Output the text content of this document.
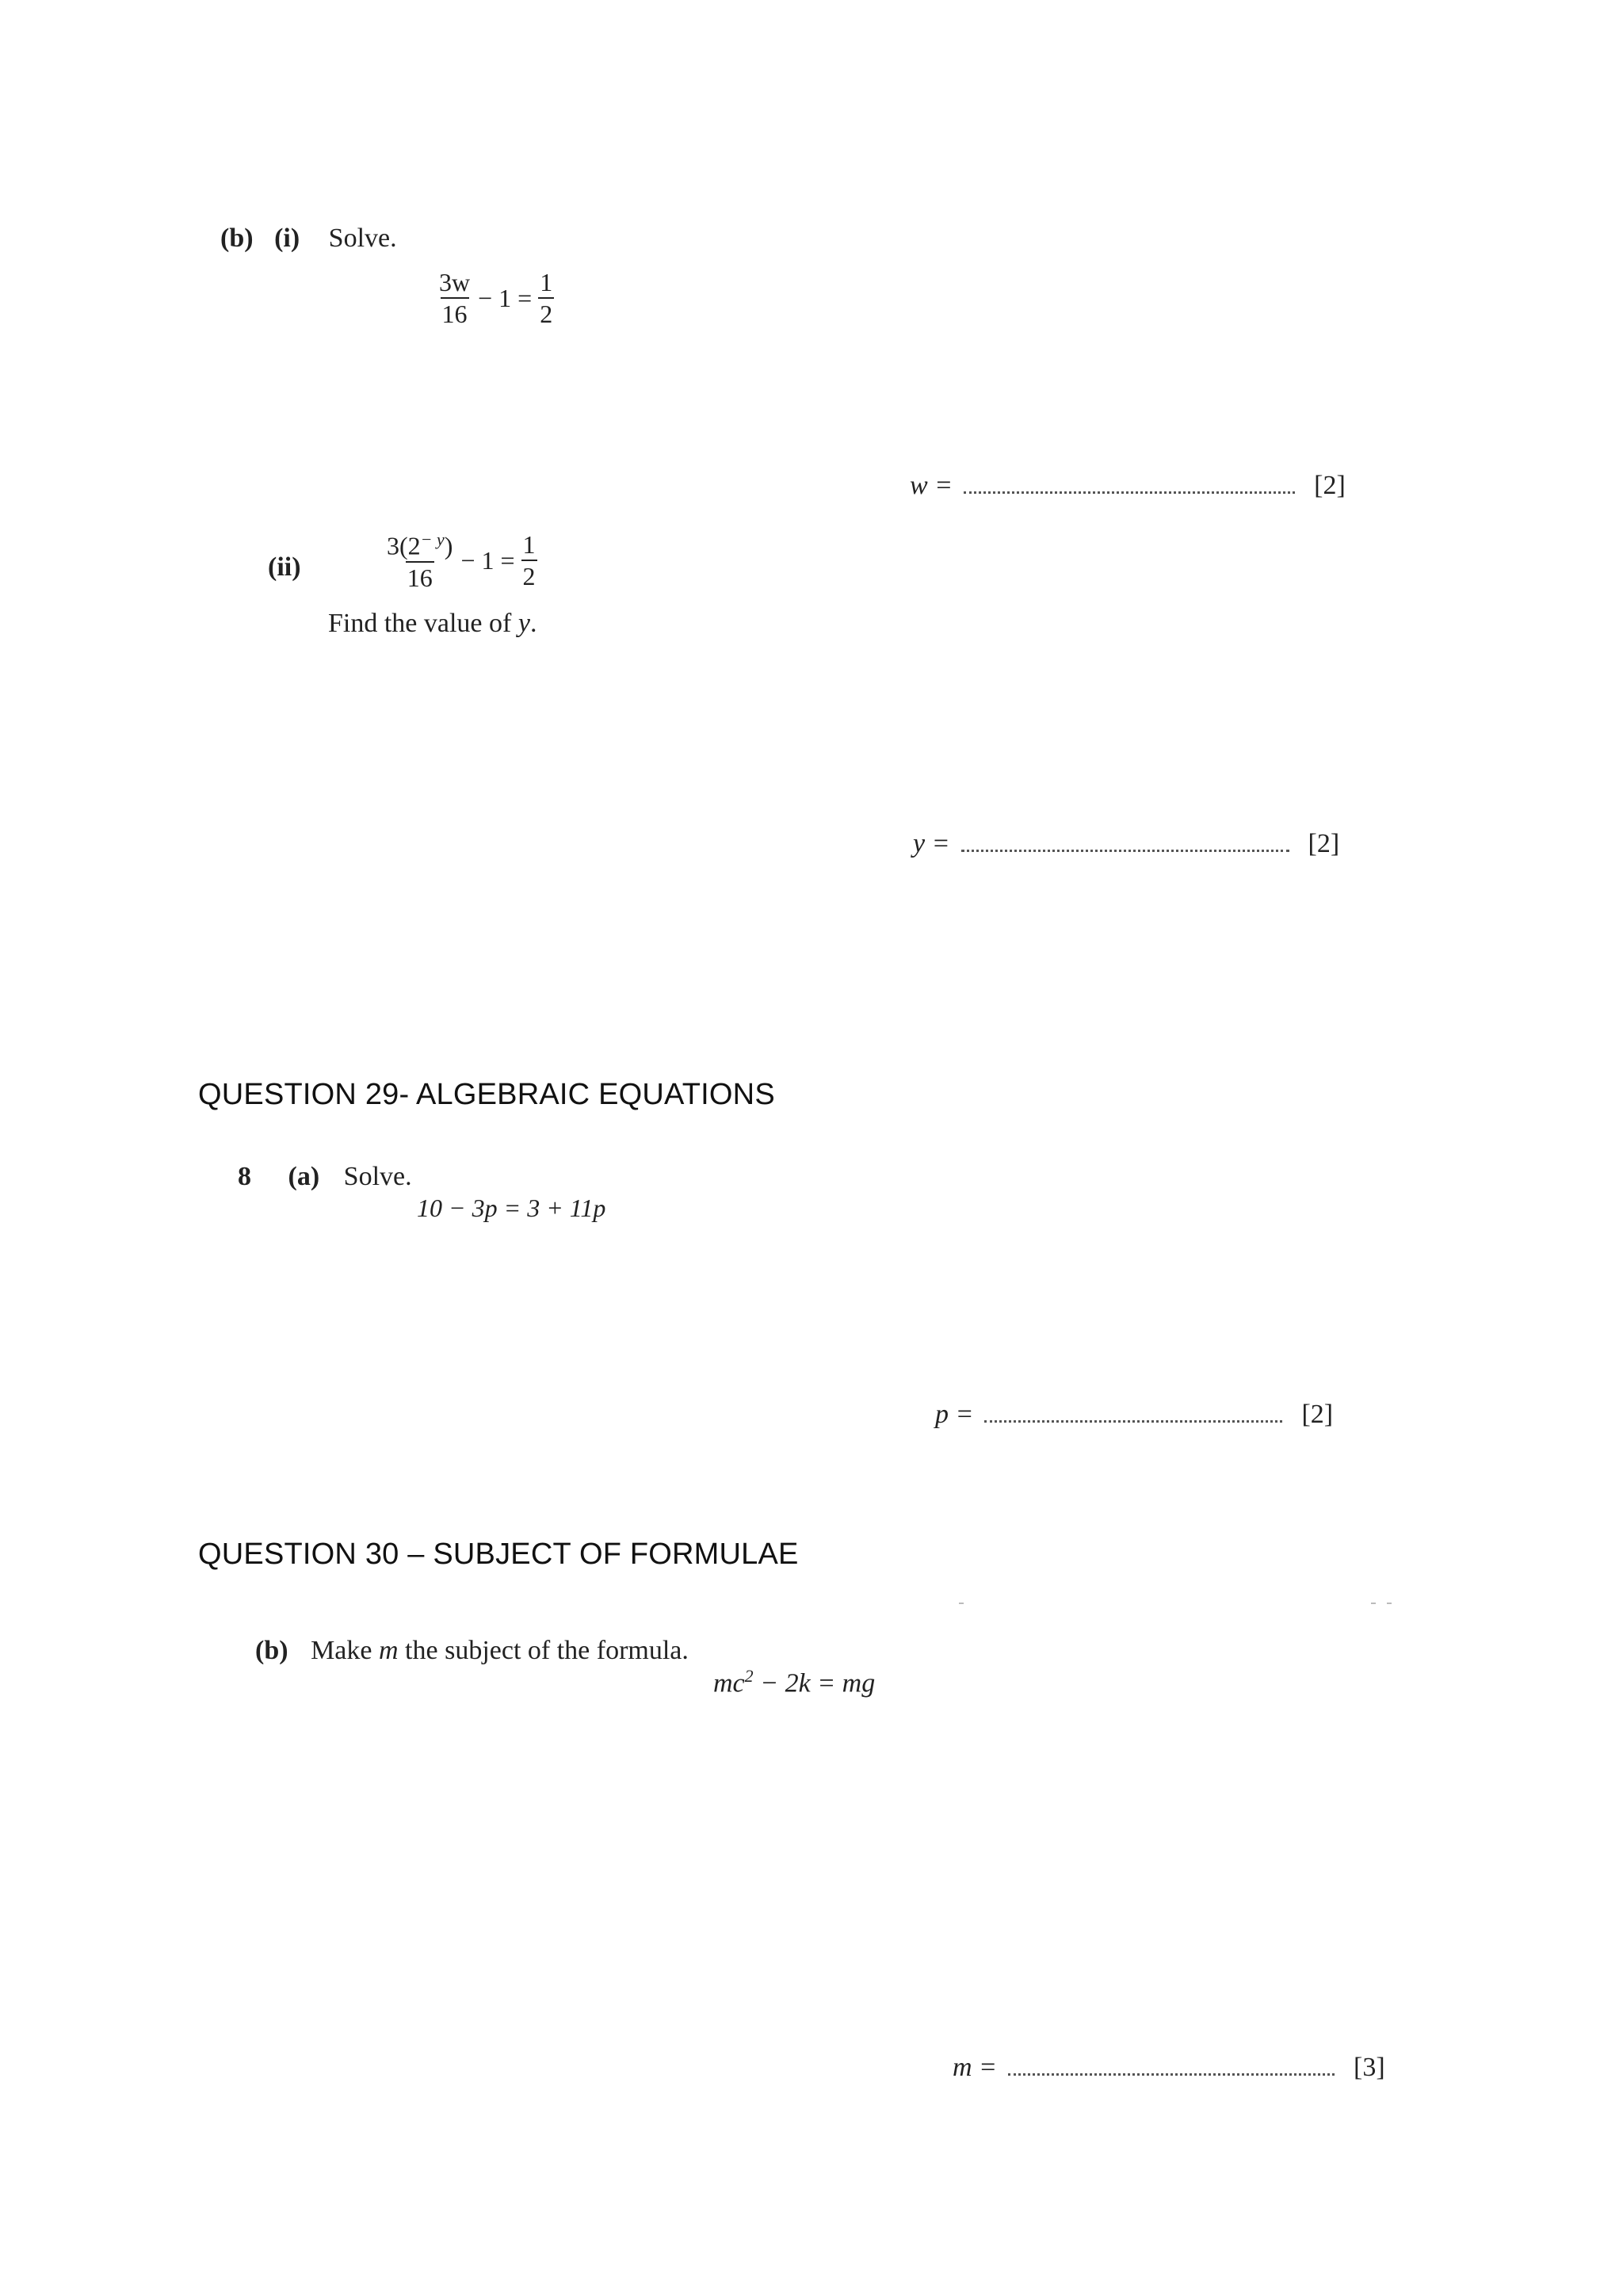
(b) (i) Solve.
$\frac{3w}{16} - 1 = \frac{1}{2}$
w =	[2]
(ii)	$\frac{3(2^{- y})}{16} - 1 = \frac{1}{2}$
Find the value of y.
y =	[2]
QUESTION 29- ALGEBRAIC EQUATIONS
8 (a) Solve.
10 − 3p = 3 + 11p
p =	[2]
QUESTION 30 – SUBJECT OF FORMULAE
(b) Make m the subject of the formula.
$mc^2 - 2k$ = mg
m =	[3]
